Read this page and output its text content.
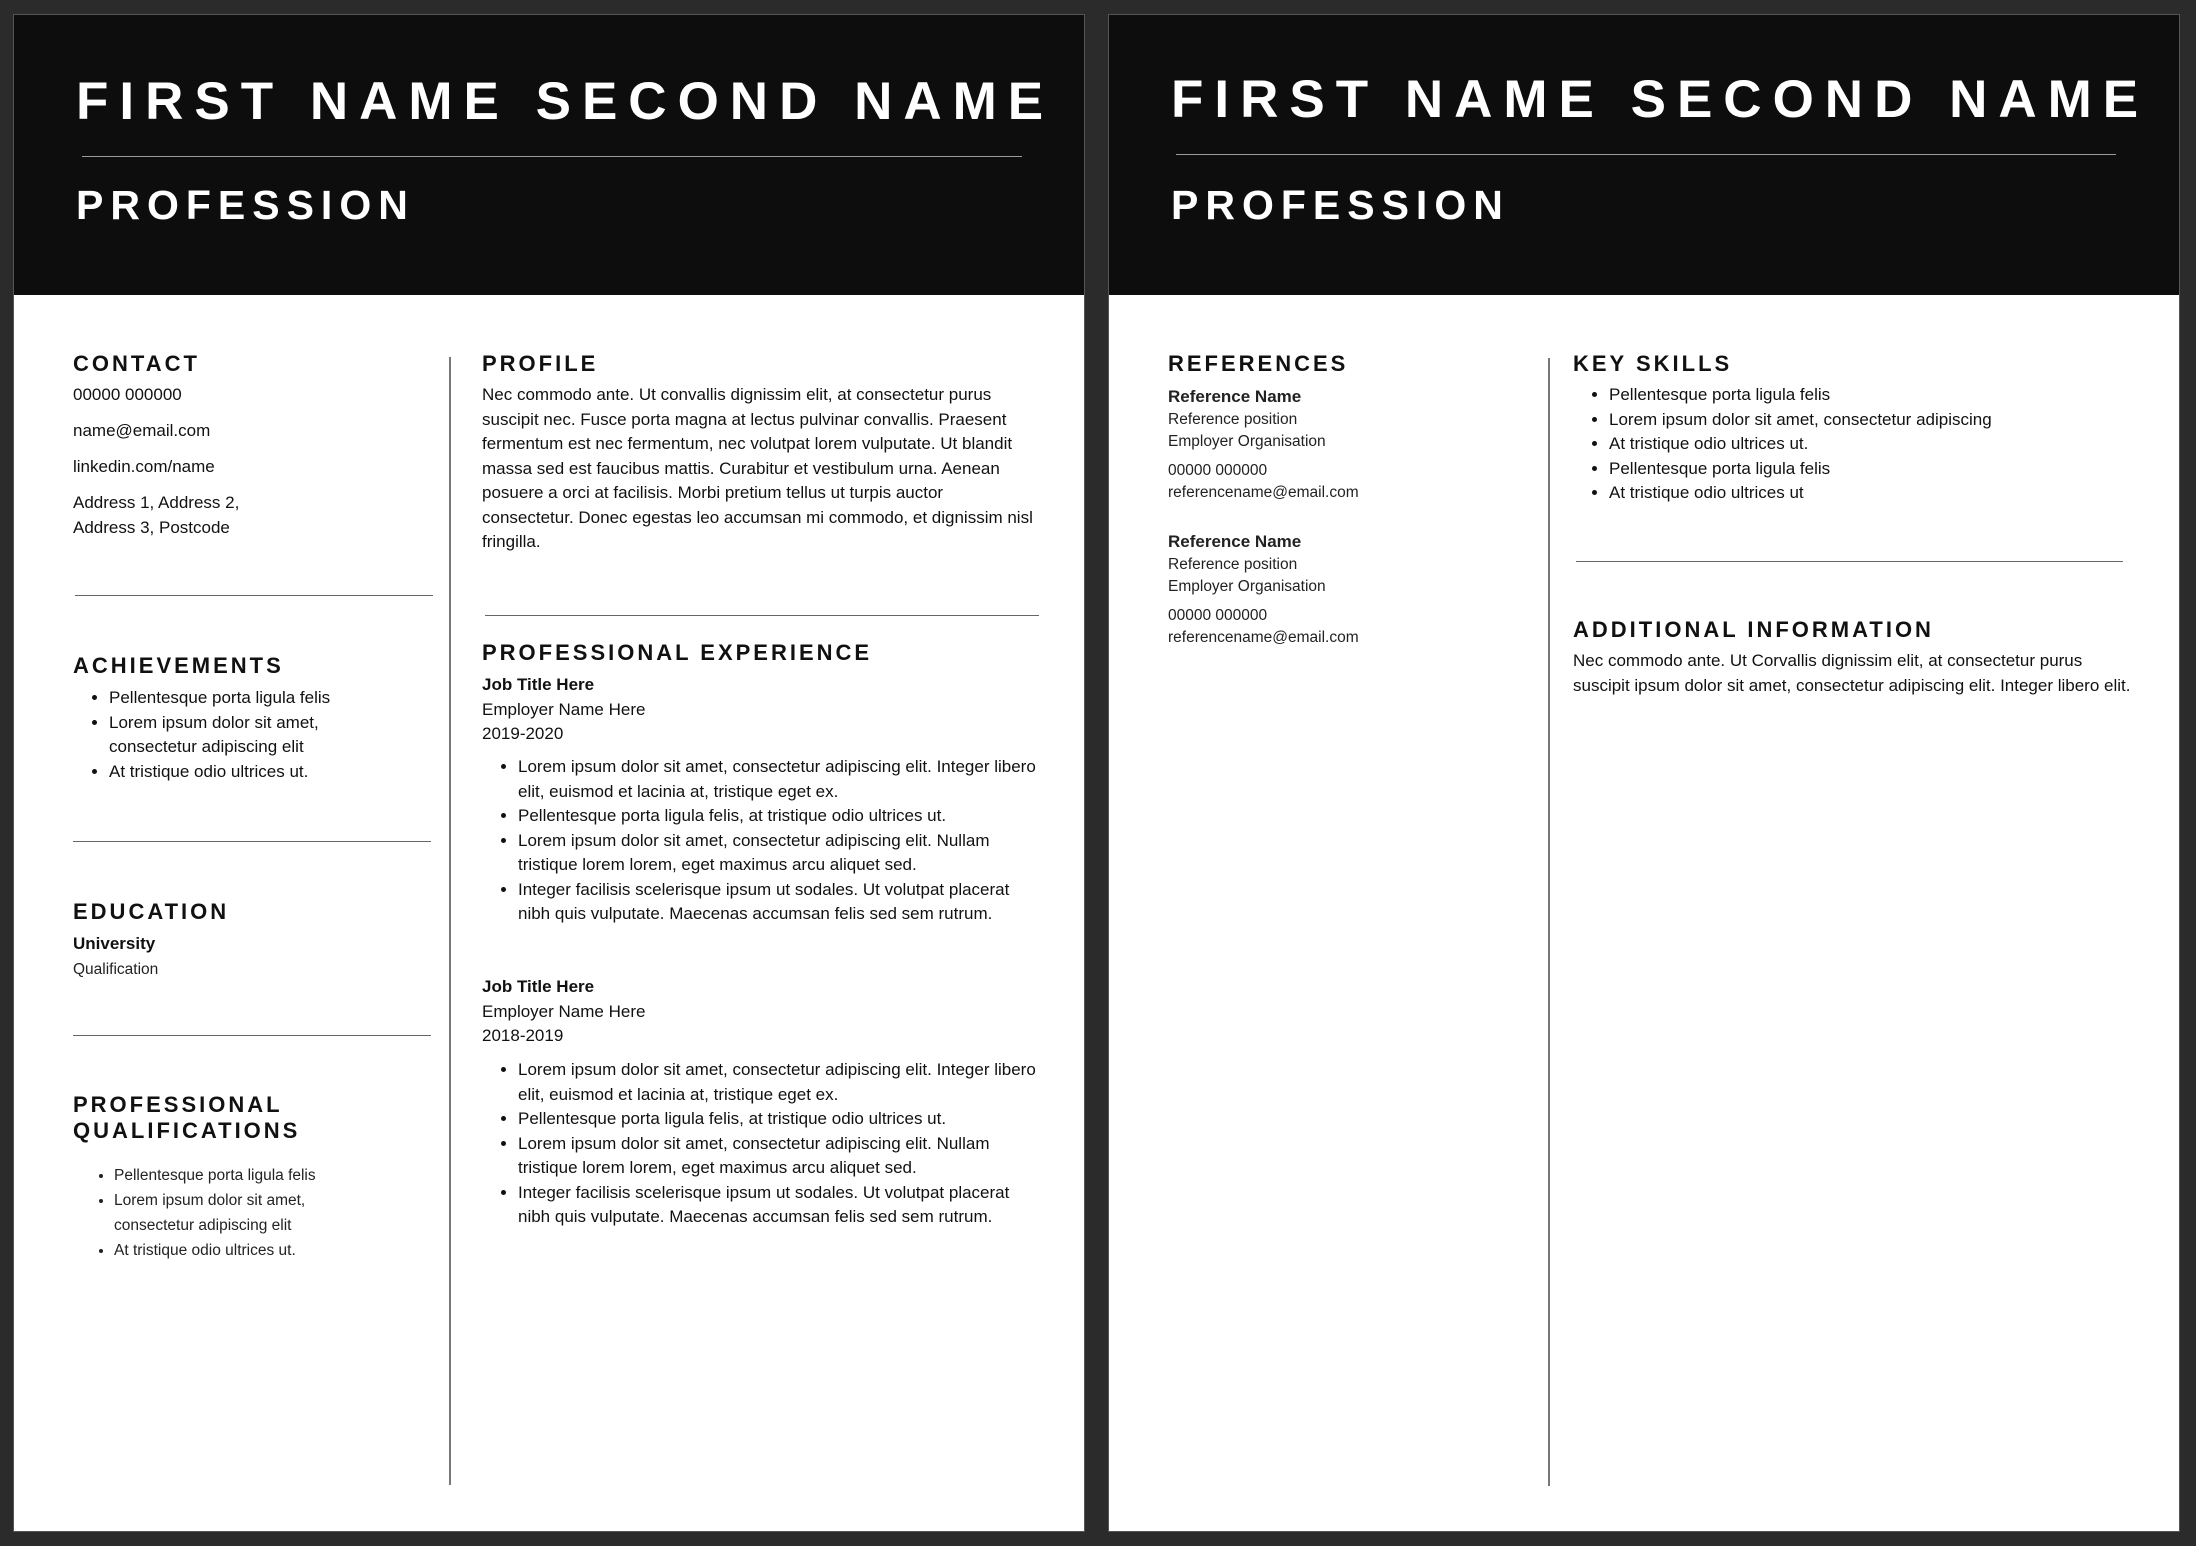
FIRST NAME SECOND NAME
PROFESSION
CONTACT
00000 000000
name@email.com
linkedin.com/name
Address 1, Address 2,
Address 3, Postcode
ACHIEVEMENTS
• Pellentesque porta ligula felis
• Lorem ipsum dolor sit amet, consectetur adipiscing elit
• At tristique odio ultrices ut.
EDUCATION
University
Qualification
PROFESSIONAL
QUALIFICATIONS
• Pellentesque porta ligula felis
• Lorem ipsum dolor sit amet, consectetur adipiscing elit
• At tristique odio ultrices ut.
PROFILE
Nec commodo ante. Ut convallis dignissim elit, at consectetur purus suscipit nec. Fusce porta magna at lectus pulvinar convallis. Praesent fermentum est nec fermentum, nec volutpat lorem vulputate. Ut blandit massa sed est faucibus mattis. Curabitur et vestibulum urna. Aenean posuere a orci at facilisis. Morbi pretium tellus ut turpis auctor consectetur. Donec egestas leo accumsan mi commodo, et dignissim nisl fringilla.
PROFESSIONAL EXPERIENCE
Job Title Here
Employer Name Here
2019-2020
• Lorem ipsum dolor sit amet, consectetur adipiscing elit. Integer libero elit, euismod et lacinia at, tristique eget ex.
• Pellentesque porta ligula felis, at tristique odio ultrices ut.
• Lorem ipsum dolor sit amet, consectetur adipiscing elit. Nullam tristique lorem lorem, eget maximus arcu aliquet sed.
• Integer facilisis scelerisque ipsum ut sodales. Ut volutpat placerat nibh quis vulputate. Maecenas accumsan felis sed sem rutrum.
Job Title Here
Employer Name Here
2018-2019
• Lorem ipsum dolor sit amet, consectetur adipiscing elit. Integer libero elit, euismod et lacinia at, tristique eget ex.
• Pellentesque porta ligula felis, at tristique odio ultrices ut.
• Lorem ipsum dolor sit amet, consectetur adipiscing elit. Nullam tristique lorem lorem, eget maximus arcu aliquet sed.
• Integer facilisis scelerisque ipsum ut sodales. Ut volutpat placerat nibh quis vulputate. Maecenas accumsan felis sed sem rutrum.
FIRST NAME SECOND NAME
PROFESSION
REFERENCES
Reference Name
Reference position
Employer Organisation
00000 000000
referencename@email.com
Reference Name
Reference position
Employer Organisation
00000 000000
referencename@email.com
KEY SKILLS
• Pellentesque porta ligula felis
• Lorem ipsum dolor sit amet, consectetur adipiscing
• At tristique odio ultrices ut.
• Pellentesque porta ligula felis
• At tristique odio ultrices ut
ADDITIONAL INFORMATION
Nec commodo ante. Ut Corvallis dignissim elit, at consectetur purus suscipit ipsum dolor sit amet, consectetur adipiscing elit. Integer libero elit.
